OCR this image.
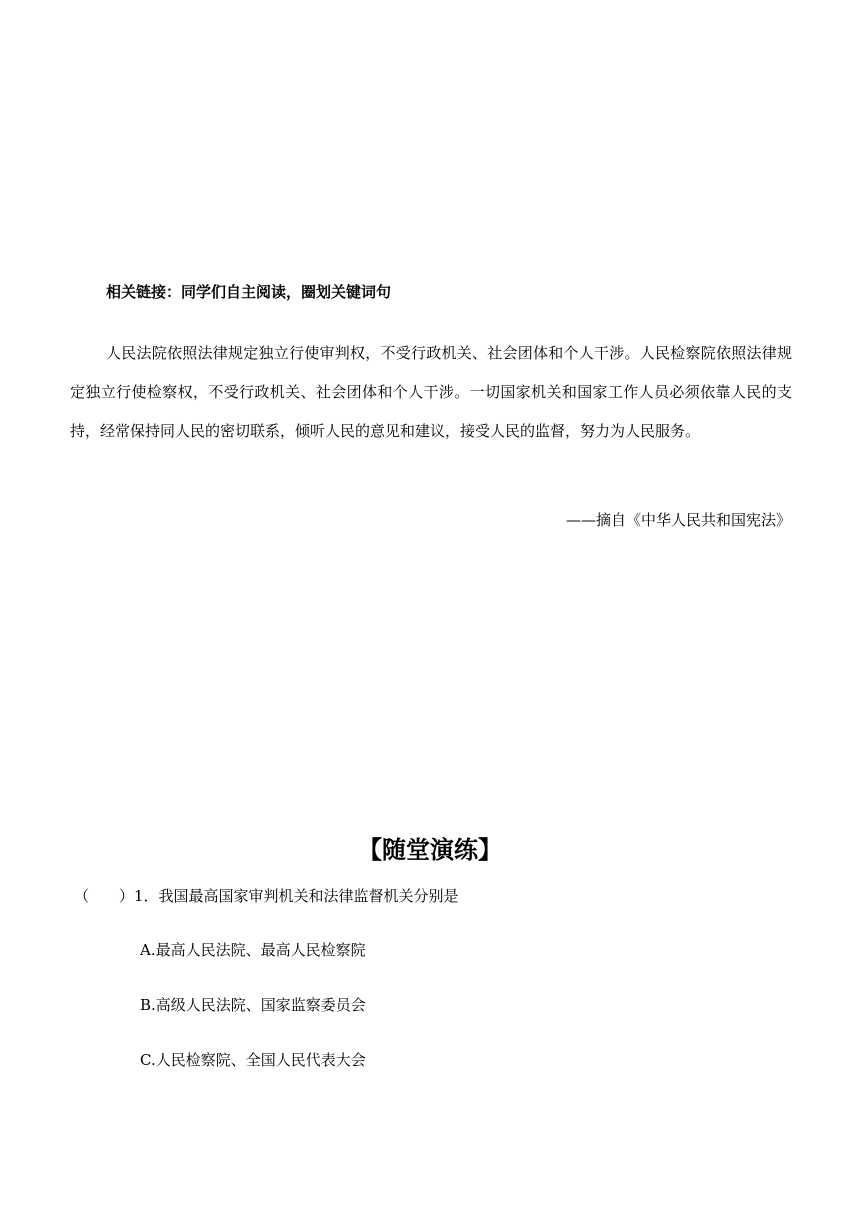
相关链接：同学们自主阅读，圈划关键词句

人民法院依照法律规定独立行使审判权，不受行政机关、社会团体和个人干涉。人民检察院依照法律规定独立行使检察权，不受行政机关、社会团体和个人干涉。一切国家机关和国家工作人员必须依靠人民的支持，经常保持同人民的密切联系，倾听人民的意见和建议，接受人民的监督，努力为人民服务。

——摘自《中华人民共和国宪法》
【随堂演练】
（　　）1．我国最高国家审判机关和法律监督机关分别是
A.最高人民法院、最高人民检察院
B.高级人民法院、国家监察委员会
C.人民检察院、全国人民代表大会
